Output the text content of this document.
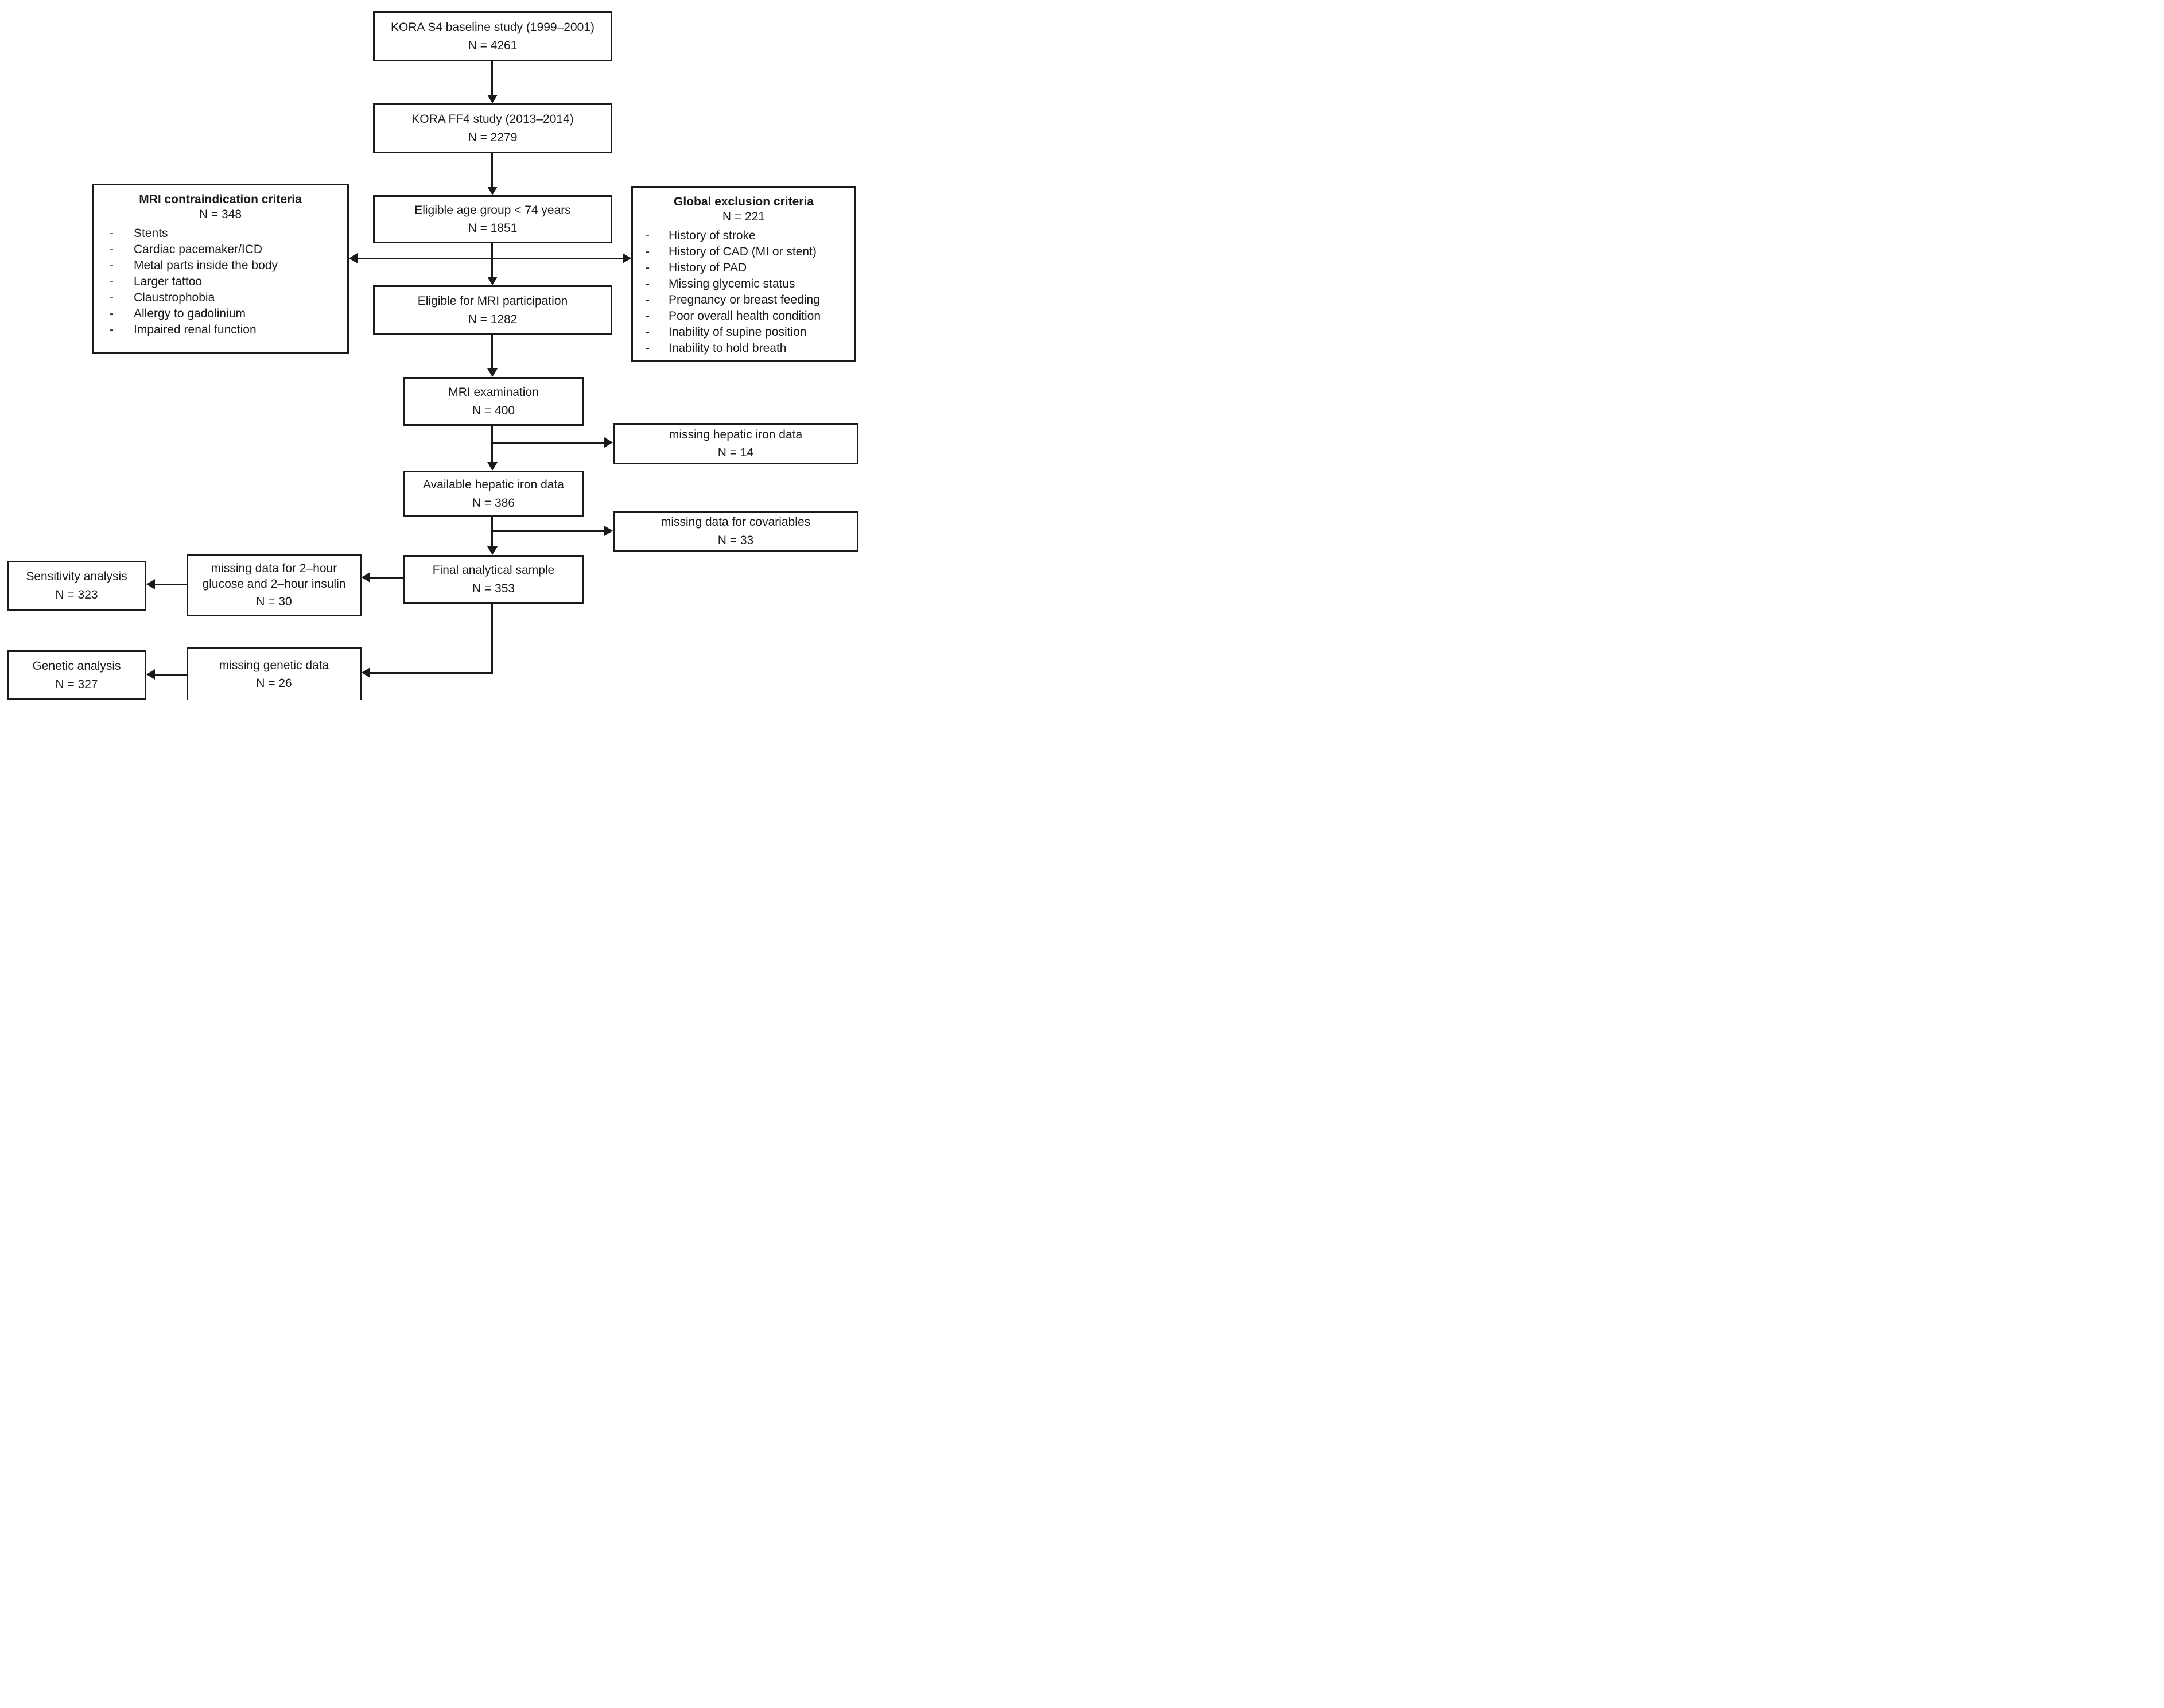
KORA S4 baseline study (1999–2001)
N = 4261
KORA FF4 study (2013–2014)
N = 2279
Eligible age group < 74 years
N = 1851
Eligible for MRI participation
N = 1282
MRI examination
N = 400
Available hepatic iron data
N = 386
Final analytical sample
N = 353
missing hepatic iron data
N = 14
missing data for covariables
N = 33
missing data for 2–hour glucose and 2–hour insulin
N = 30
Sensitivity analysis
N = 323
missing genetic data
N = 26
Genetic analysis
N = 327
MRI contraindication criteria
N = 348
- Stents
- Cardiac pacemaker/ICD
- Metal parts inside the body
- Larger tattoo
- Claustrophobia
- Allergy to gadolinium
- Impaired renal function
Global exclusion criteria
N = 221
- History of stroke
- History of CAD (MI or stent)
- History of PAD
- Missing glycemic status
- Pregnancy or breast feeding
- Poor overall health condition
- Inability of supine position
- Inability to hold breath
